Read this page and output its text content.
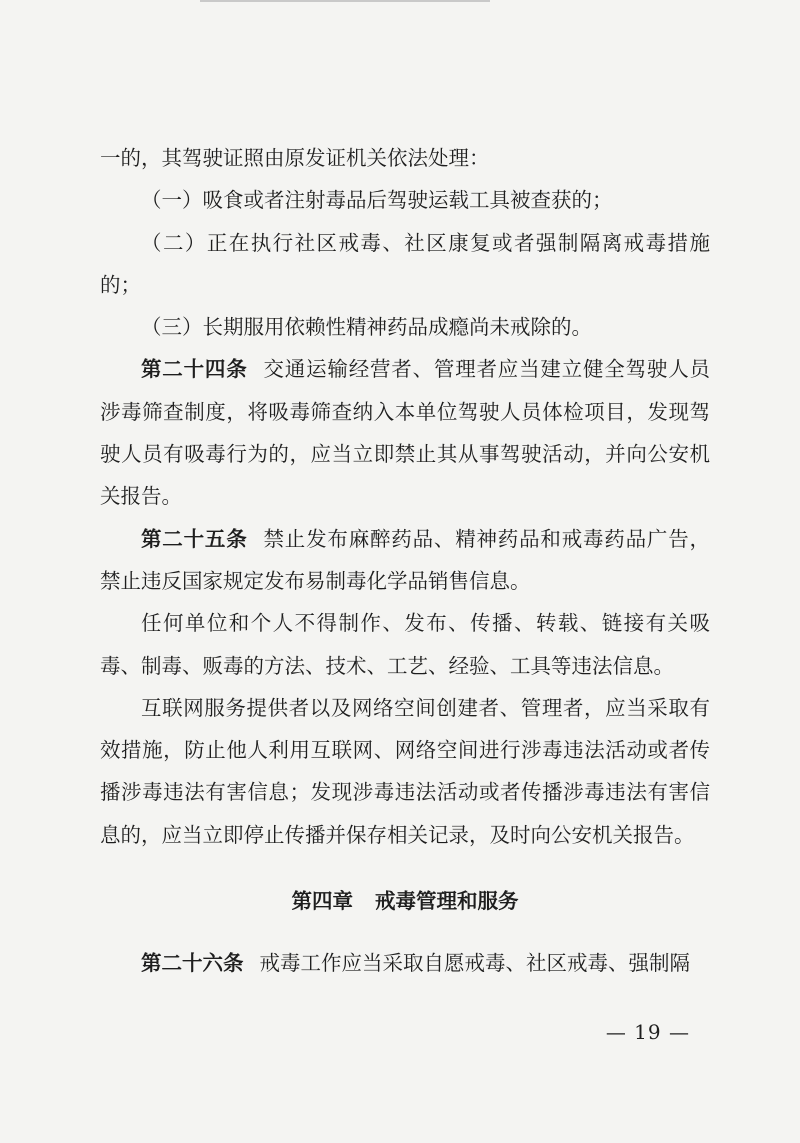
一的，其驾驶证照由原发证机关依法处理：

（一）吸食或者注射毒品后驾驶运载工具被查获的；

（二）正在执行社区戒毒、社区康复或者强制隔离戒毒措施的；

（三）长期服用依赖性精神药品成瘾尚未戒除的。

第二十四条 交通运输经营者、管理者应当建立健全驾驶人员涉毒筛查制度，将吸毒筛查纳入本单位驾驶人员体检项目，发现驾驶人员有吸毒行为的，应当立即禁止其从事驾驶活动，并向公安机关报告。

第二十五条 禁止发布麻醉药品、精神药品和戒毒药品广告，禁止违反国家规定发布易制毒化学品销售信息。

任何单位和个人不得制作、发布、传播、转载、链接有关吸毒、制毒、贩毒的方法、技术、工艺、经验、工具等违法信息。

互联网服务提供者以及网络空间创建者、管理者，应当采取有效措施，防止他人利用互联网、网络空间进行涉毒违法活动或者传播涉毒违法有害信息；发现涉毒违法活动或者传播涉毒违法有害信息的，应当立即停止传播并保存相关记录，及时向公安机关报告。

第四章 戒毒管理和服务

第二十六条 戒毒工作应当采取自愿戒毒、社区戒毒、强制隔

— 19 —
